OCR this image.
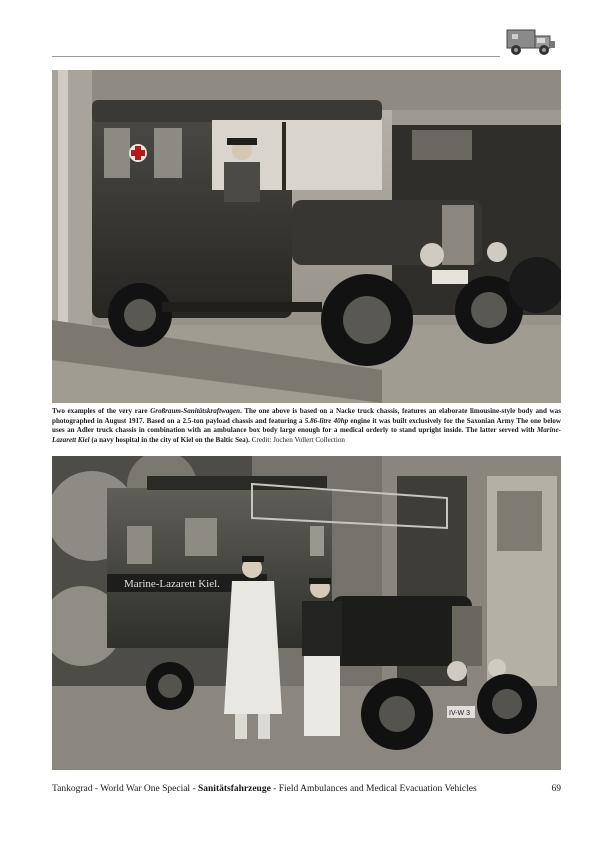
Two examples of the very rare Großraum-Sanitätskraftwagen. The one above is based on a Nacke truck chassis, features an elaborate limousine-style body and was photographed in August 1917. Based on a 2.5-ton payload chassis and featuring a 5.86-litre 40hp engine it was built exclusively for the Saxonian Army The one below uses an Adler truck chassis in combination with an ambulance box body large enough for a medical orderly to stand upright inside. The latter served with Marine-Lazarett Kiel (a navy hospital in the city of Kiel on the Baltic Sea). Credit: Jochen Vollert Collection

Marine-Lazarett Kiel.
IV-W 3
Tankograd - World War One Special - Sanitätsfahrzeuge - Field Ambulances and Medical Evacuation Vehicles	69
